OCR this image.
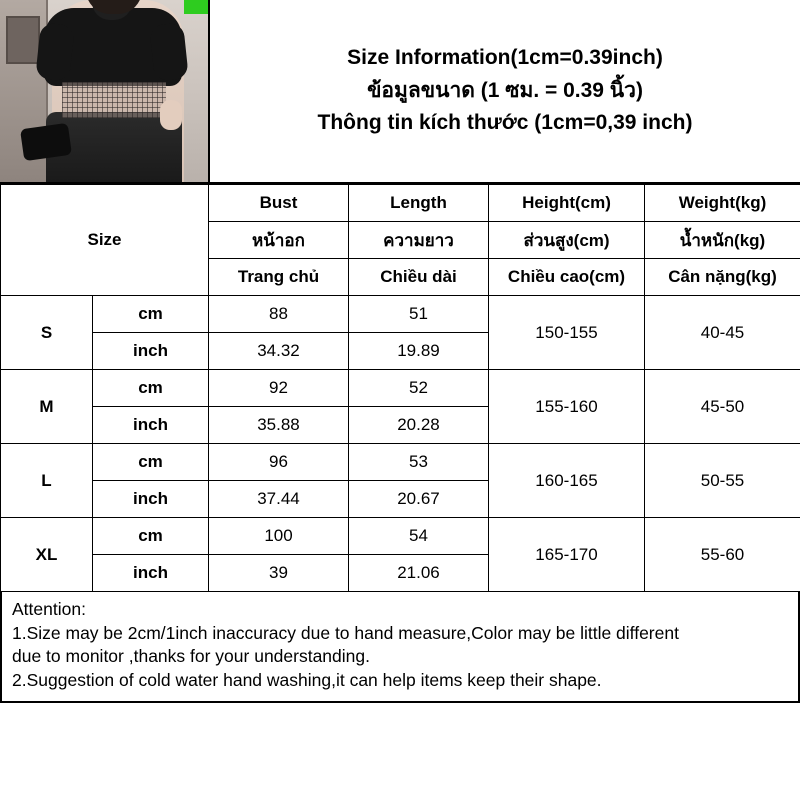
Size Information(1cm=0.39inch)
ข้อมูลขนาด (1 ซม. = 0.39 นิ้ว)
Thông tin kích thước (1cm=0,39 inch)
Size		Bust	Length	Height(cm)	Weight(kg)
		หน้าอก	ความยาว	ส่วนสูง(cm)	น้ำหนัก(kg)
		Trang chủ	Chiều dài	Chiều cao(cm)	Cân nặng(kg)
S	cm	88	51	150-155	40-45
	inch	34.32	19.89		
M	cm	92	52	155-160	45-50
	inch	35.88	20.28		
L	cm	96	53	160-165	50-55
	inch	37.44	20.67		
XL	cm	100	54	165-170	55-60
	inch	39	21.06		

Attention:

1.Size may be 2cm/1inch inaccuracy due to hand measure,Color may be little different

due to monitor ,thanks for your understanding.

2.Suggestion of cold water hand washing,it can help items keep their shape.
